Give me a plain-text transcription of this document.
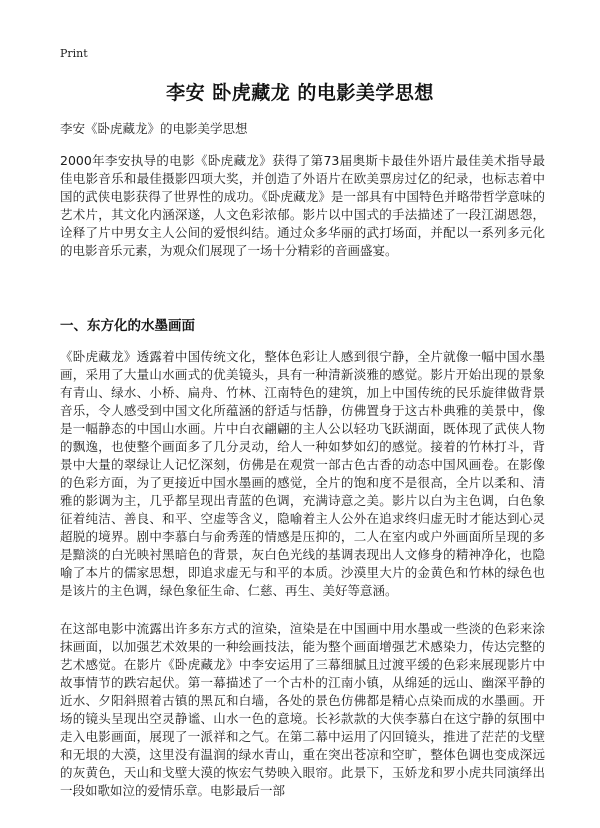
Print
李安 卧虎藏龙 的电影美学思想
李安《卧虎藏龙》的电影美学思想

2000年李安执导的电影《卧虎藏龙》获得了第73届奥斯卡最佳外语片最佳美术指导最佳电影音乐和最佳摄影四项大奖，并创造了外语片在欧美票房过亿的纪录，也标志着中国的武侠电影获得了世界性的成功。《卧虎藏龙》是一部具有中国特色并略带哲学意味的艺术片，其文化内涵深遂，人文色彩浓郁。影片以中国式的手法描述了一段江湖恩怨，诠释了片中男女主人公间的爱恨纠结。通过众多华丽的武打场面，并配以一系列多元化的电影音乐元素，为观众们展现了一场十分精彩的音画盛宴。

一、东方化的水墨画面

《卧虎藏龙》透露着中国传统文化，整体色彩让人感到很宁静，全片就像一幅中国水墨画，采用了大量山水画式的优美镜头，具有一种清新淡雅的感觉。影片开始出现的景象有青山、绿水、小桥、扁舟、竹林、江南特色的建筑，加上中国传统的民乐旋律做背景音乐，令人感受到中国文化所蕴涵的舒适与恬静，仿佛置身于这古朴典雅的美景中，像是一幅静态的中国山水画。片中白衣翩翩的主人公以轻功飞跃湖面，既体现了武侠人物的飘逸，也使整个画面多了几分灵动，给人一种如梦如幻的感觉。接着的竹林打斗，背景中大量的翠绿让人记忆深刻，仿佛是在观赏一部古色古香的动态中国风画卷。在影像的色彩方面，为了更接近中国水墨画的感觉，全片的饱和度不是很高，全片以柔和、清雅的影调为主，几乎都呈现出青蓝的色调，充满诗意之美。影片以白为主色调，白色象征着纯洁、善良、和平、空虚等含义，隐喻着主人公外在追求终归虚无时才能达到心灵超脱的境界。剧中李慕白与俞秀莲的情感是压抑的，二人在室内或户外画面所呈现的多是黯淡的白光映衬黑暗色的背景，灰白色光线的基调表现出人文修身的精神净化，也隐喻了本片的儒家思想，即追求虚无与和平的本质。沙漠里大片的金黄色和竹林的绿色也是该片的主色调，绿色象征生命、仁慈、再生、美好等意涵。

在这部电影中流露出许多东方式的渲染，渲染是在中国画中用水墨或一些淡的色彩来涂抹画面，以加强艺术效果的一种绘画技法，能为整个画面增强艺术感染力，传达完整的艺术感觉。在影片《卧虎藏龙》中李安运用了三幕细腻且过渡平缓的色彩来展现影片中故事情节的跌宕起伏。第一幕描述了一个古朴的江南小镇，从绵延的远山、幽深平静的近水、夕阳斜照着古镇的黑瓦和白墙，各处的景色仿佛都是精心点染而成的水墨画。开场的镜头呈现出空灵静谧、山水一色的意境。长衫款款的大侠李慕白在这宁静的氛围中走入电影画面，展现了一派祥和之气。在第二幕中运用了闪回镜头，推进了茫茫的戈壁和无垠的大漠，这里没有温润的绿水青山，重在突出苍凉和空旷，整体色调也变成深远的灰黄色，天山和戈壁大漠的恢宏气势映入眼帘。此景下，玉娇龙和罗小虎共同演绎出一段如歌如泣的爱情乐章。电影最后一部
